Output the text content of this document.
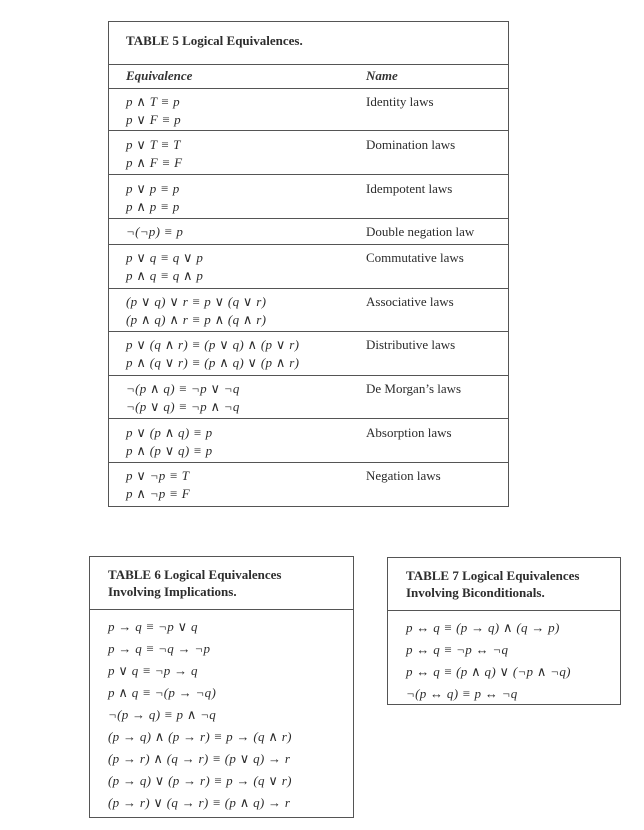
TABLE 5 Logical Equivalences.
Equivalence	Name
p ∧ T ≡ p
p ∨ F ≡ p
Identity laws
p ∨ T ≡ T
p ∧ F ≡ F
Domination laws
p ∨ p ≡ p
p ∧ p ≡ p
Idempotent laws
¬(¬p) ≡ p	Double negation law
p ∨ q ≡ q ∨ p
p ∧ q ≡ q ∧ p
Commutative laws
(p ∨ q) ∨ r ≡ p ∨ (q ∨ r)
(p ∧ q) ∧ r ≡ p ∧ (q ∧ r)
Associative laws
p ∨ (q ∧ r) ≡ (p ∨ q) ∧ (p ∨ r)
p ∧ (q ∨ r) ≡ (p ∧ q) ∨ (p ∧ r)
Distributive laws
¬(p ∧ q) ≡ ¬p ∨ ¬q
¬(p ∨ q) ≡ ¬p ∧ ¬q
De Morgan’s laws
p ∨ (p ∧ q) ≡ p
p ∧ (p ∨ q) ≡ p
Absorption laws
p ∨ ¬p ≡ T
p ∧ ¬p ≡ F
Negation laws
TABLE 6 Logical Equivalences
Involving Implications.
p → q ≡ ¬p ∨ q
p → q ≡ ¬q → ¬p
p ∨ q ≡ ¬p → q
p ∧ q ≡ ¬(p → ¬q)
¬(p → q) ≡ p ∧ ¬q
(p → q) ∧ (p → r) ≡ p → (q ∧ r)
(p → r) ∧ (q → r) ≡ (p ∨ q) → r
(p → q) ∨ (p → r) ≡ p → (q ∨ r)
(p → r) ∨ (q → r) ≡ (p ∧ q) → r
TABLE 7 Logical Equivalences
Involving Biconditionals.
p ↔ q ≡ (p → q) ∧ (q → p)
p ↔ q ≡ ¬p ↔ ¬q
p ↔ q ≡ (p ∧ q) ∨ (¬p ∧ ¬q)
¬(p ↔ q) ≡ p ↔ ¬q
